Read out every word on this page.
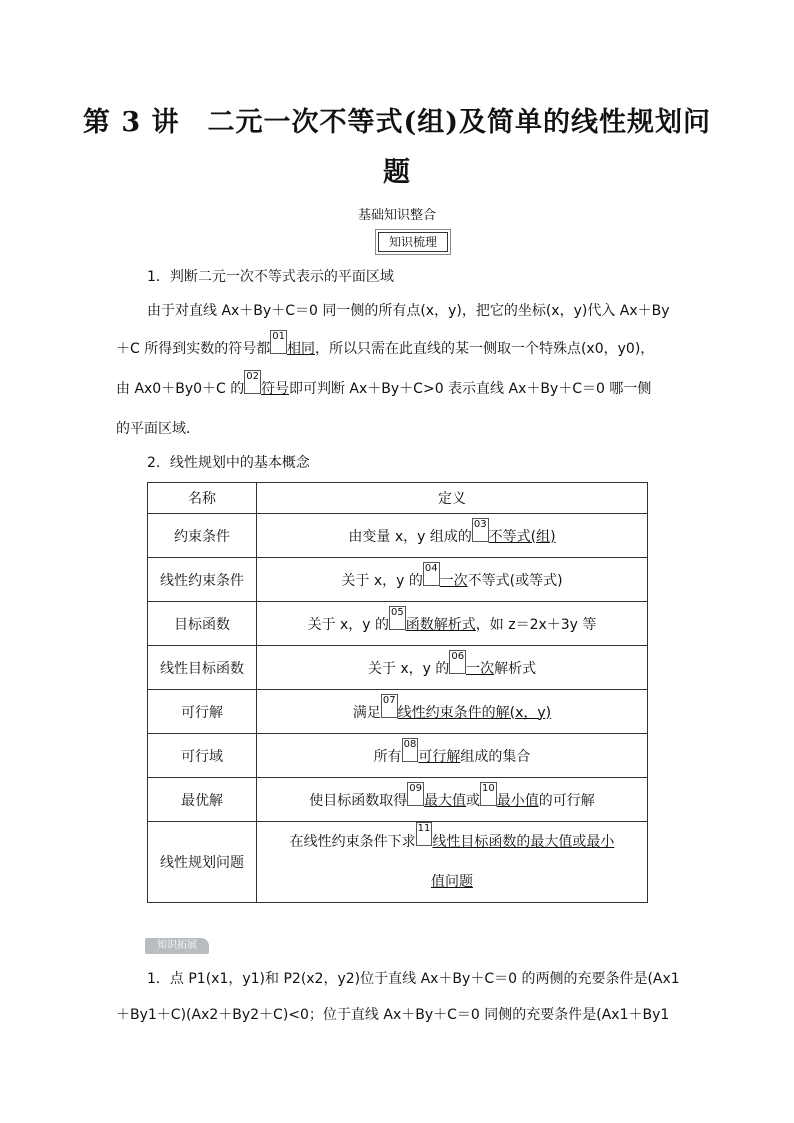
第 3 讲　二元一次不等式(组)及简单的线性规划问
题
基础知识整合
知识梳理
1．判断二元一次不等式表示的平面区域
由于对直线 Ax＋By＋C＝0 同一侧的所有点(x，y)，把它的坐标(x，y)代入 Ax＋By
＋C 所得到实数的符号都01相同，所以只需在此直线的某一侧取一个特殊点(x0，y0)，
由 Ax0＋By0＋C 的02符号即可判断 Ax＋By＋C>0 表示直线 Ax＋By＋C＝0 哪一侧
的平面区域．
2．线性规划中的基本概念
名称	定义
约束条件	由变量 x，y 组成的03不等式(组)
线性约束条件	关于 x，y 的04一次不等式(或等式)
目标函数	关于 x，y 的05函数解析式，如 z＝2x＋3y 等
线性目标函数	关于 x，y 的06一次解析式
可行解	满足07线性约束条件的解(x，y)
可行域	所有08可行解组成的集合
最优解	使目标函数取得09最大值或10最小值的可行解
线性规划问题	在线性约束条件下求11线性目标函数的最大值或最小
值问题
知识拓展
1．点 P1(x1，y1)和 P2(x2，y2)位于直线 Ax＋By＋C＝0 的两侧的充要条件是(Ax1
＋By1＋C)(Ax2＋By2＋C)<0；位于直线 Ax＋By＋C＝0 同侧的充要条件是(Ax1＋By1
